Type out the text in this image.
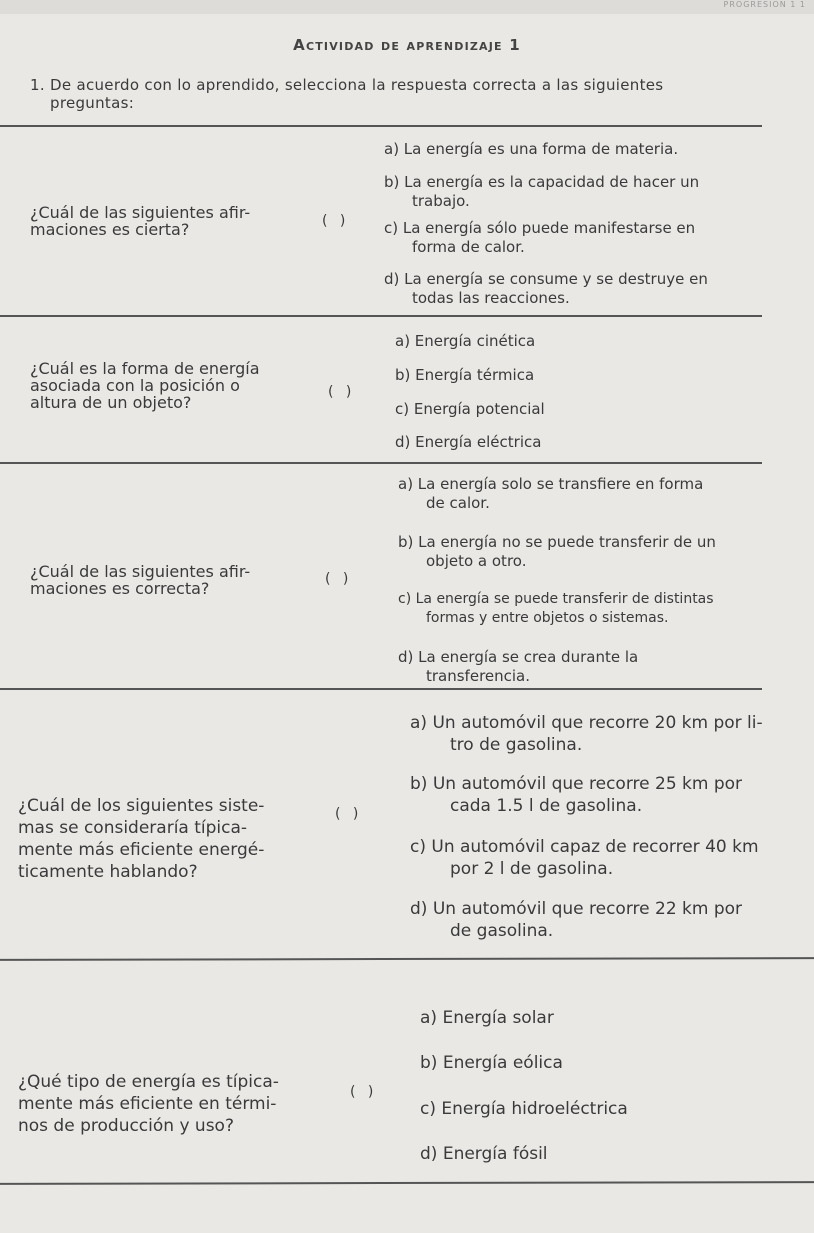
PROGRESION 1 1
Actividad de aprendizaje 1
1. De acuerdo con lo aprendido, selecciona la respuesta correcta a las siguientes
preguntas:
¿Cuál de las siguientes afir-
maciones es cierta?	( )
a) La energía es una forma de materia.
b) La energía es la capacidad de hacer un
trabajo.
c) La energía sólo puede manifestarse en
forma de calor.
d) La energía se consume y se destruye en
todas las reacciones.
¿Cuál es la forma de energía
asociada con la posición o
altura de un objeto?
( )
a) Energía cinética
b) Energía térmica
c) Energía potencial
d) Energía eléctrica
¿Cuál de las siguientes afir-
maciones es correcta?	( )
a) La energía solo se transfiere en forma
de calor.
b) La energía no se puede transferir de un
objeto a otro.
c) La energía se puede transferir de distintas
formas y entre objetos o sistemas.
d) La energía se crea durante la
transferencia.
¿Cuál de los siguientes siste-
mas se consideraría típica-
mente más eficiente energé-
ticamente hablando?
( )
a) Un automóvil que recorre 20 km por li-
tro de gasolina.
b) Un automóvil que recorre 25 km por
cada 1.5 l de gasolina.
c) Un automóvil capaz de recorrer 40 km
por 2 l de gasolina.
d) Un automóvil que recorre 22 km por
de gasolina.
¿Qué tipo de energía es típica-
mente más eficiente en térmi-
nos de producción y uso?
( )
a) Energía solar
b) Energía eólica
c) Energía hidroeléctrica
d) Energía fósil
